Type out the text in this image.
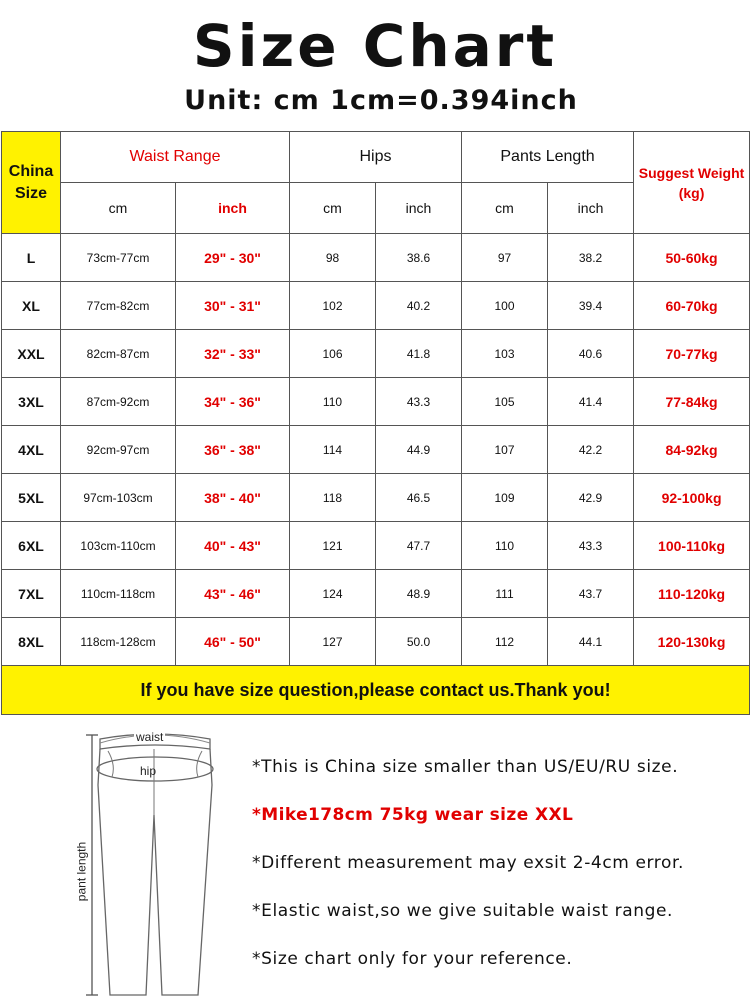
Size Chart
Unit: cm 1cm=0.394inch
China Size	Waist Range		Hips		Pants Length		Suggest Weight (kg)
	cm	inch	cm	inch	cm	inch	
L	73cm-77cm	29" - 30"	98	38.6	97	38.2	50-60kg
XL	77cm-82cm	30" - 31"	102	40.2	100	39.4	60-70kg
XXL	82cm-87cm	32" - 33"	106	41.8	103	40.6	70-77kg
3XL	87cm-92cm	34" - 36"	110	43.3	105	41.4	77-84kg
4XL	92cm-97cm	36" - 38"	114	44.9	107	42.2	84-92kg
5XL	97cm-103cm	38" - 40"	118	46.5	109	42.9	92-100kg
6XL	103cm-110cm	40" - 43"	121	47.7	110	43.3	100-110kg
7XL	110cm-118cm	43" - 46"	124	48.9	111	43.7	110-120kg
8XL	118cm-128cm	46" - 50"	127	50.0	112	44.1	120-130kg
If you have size question,please contact us.Thank you!							
waist
hip
pant length
*This is China size smaller than US/EU/RU size.
*Mike178cm 75kg wear size XXL
*Different measurement may exsit 2-4cm error.
*Elastic waist,so we give suitable waist range.
*Size chart only for your reference.
